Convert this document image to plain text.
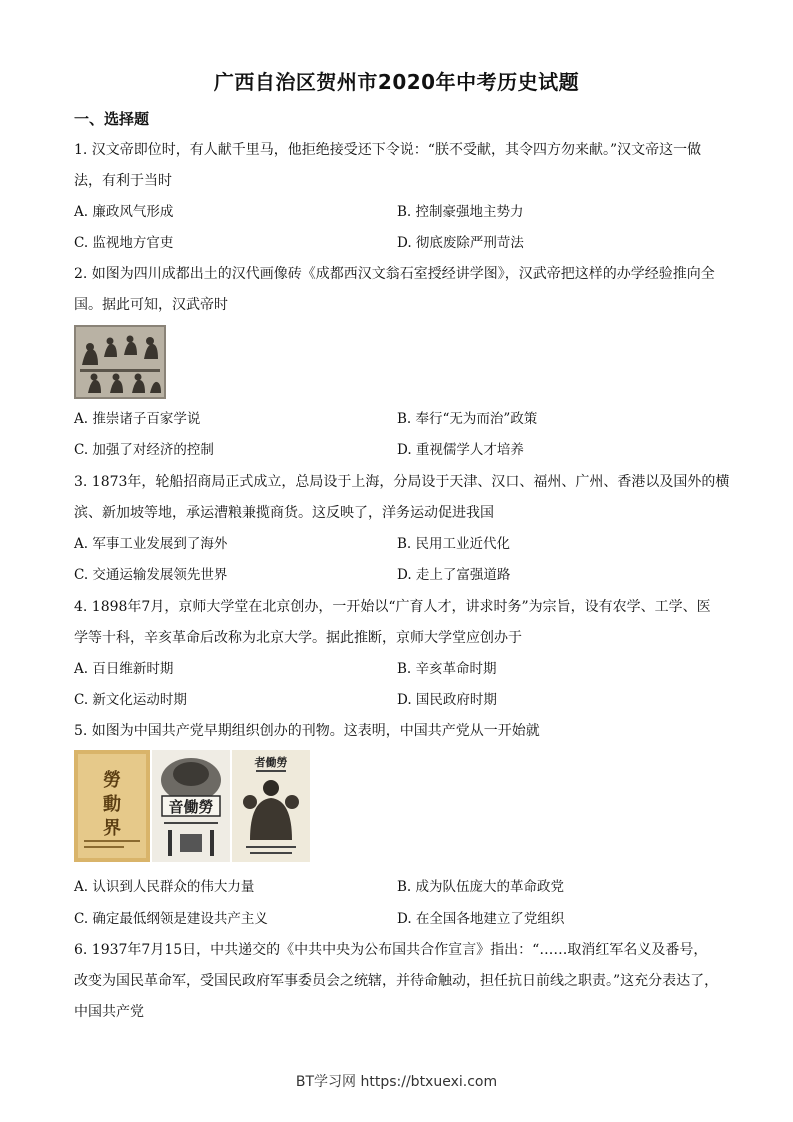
广西自治区贺州市2020年中考历史试题
一、选择题
1. 汉文帝即位时，有人献千里马，他拒绝接受还下令说：“朕不受献，其令四方勿来献。”汉文帝这一做
法，有利于当时
A. 廉政风气形成	B. 控制豪强地主势力
C. 监视地方官吏	D. 彻底废除严刑苛法
2. 如图为四川成都出土的汉代画像砖《成都西汉文翁石室授经讲学图》，汉武帝把这样的办学经验推向全
国。据此可知，汉武帝时
A. 推崇诸子百家学说	B. 奉行“无为而治”政策
C. 加强了对经济的控制	D. 重视儒学人才培养
3. 1873年，轮船招商局正式成立，总局设于上海，分局设于天津、汉口、福州、广州、香港以及国外的横
滨、新加坡等地，承运漕粮兼揽商货。这反映了，洋务运动促进我国
A. 军事工业发展到了海外	B. 民用工业近代化
C. 交通运输发展领先世界	D. 走上了富强道路
4. 1898年7月，京师大学堂在北京创办，一开始以“广育人才，讲求时务”为宗旨，设有农学、工学、医
学等十科，辛亥革命后改称为北京大学。据此推断，京师大学堂应创办于
A. 百日维新时期	B. 辛亥革命时期
C. 新文化运动时期	D. 国民政府时期
5. 如图为中国共产党早期组织创办的刊物。这表明，中国共产党从一开始就
勞
動
界
音働勞
者働勞
A. 认识到人民群众的伟大力量	B. 成为队伍庞大的革命政党
C. 确定最低纲领是建设共产主义	D. 在全国各地建立了党组织
6. 1937年7月15日，中共递交的《中共中央为公布国共合作宣言》指出：“……取消红军名义及番号，
改变为国民革命军，受国民政府军事委员会之统辖，并待命触动，担任抗日前线之职责。”这充分表达了，
中国共产党
BT学习网 https://btxuexi.com
